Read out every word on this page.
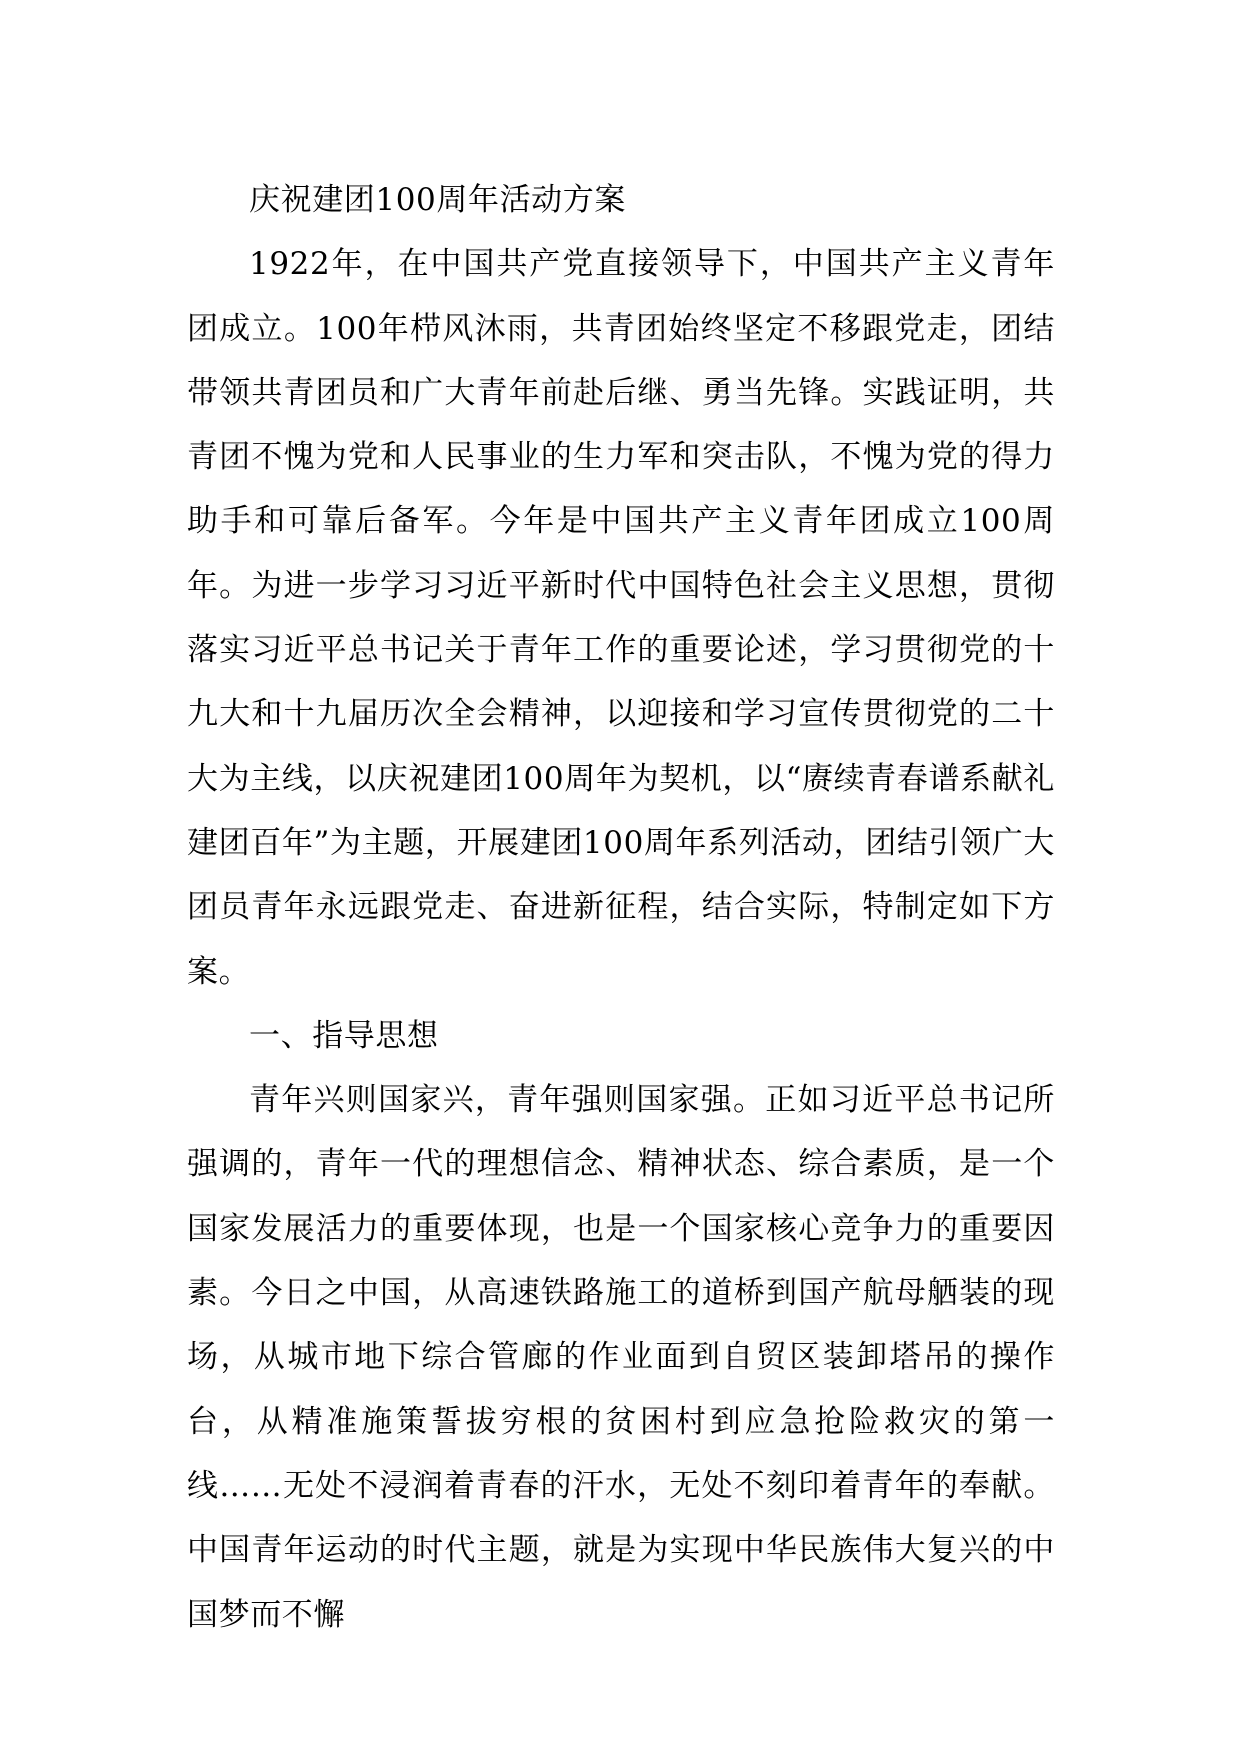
庆祝建团100周年活动方案

1922年，在中国共产党直接领导下，中国共产主义青年团成立。100年栉风沐雨，共青团始终坚定不移跟党走，团结带领共青团员和广大青年前赴后继、勇当先锋。实践证明，共青团不愧为党和人民事业的生力军和突击队，不愧为党的得力助手和可靠后备军。今年是中国共产主义青年团成立100周年。为进一步学习习近平新时代中国特色社会主义思想，贯彻落实习近平总书记关于青年工作的重要论述，学习贯彻党的十九大和十九届历次全会精神，以迎接和学习宣传贯彻党的二十大为主线，以庆祝建团100周年为契机，以“赓续青春谱系献礼建团百年”为主题，开展建团100周年系列活动，团结引领广大团员青年永远跟党走、奋进新征程，结合实际，特制定如下方案。

一、指导思想

青年兴则国家兴，青年强则国家强。正如习近平总书记所强调的，青年一代的理想信念、精神状态、综合素质，是一个国家发展活力的重要体现，也是一个国家核心竞争力的重要因素。今日之中国，从高速铁路施工的道桥到国产航母舾装的现场，从城市地下综合管廊的作业面到自贸区装卸塔吊的操作台，从精准施策誓拔穷根的贫困村到应急抢险救灾的第一线……无处不浸润着青春的汗水，无处不刻印着青年的奉献。中国青年运动的时代主题，就是为实现中华民族伟大复兴的中国梦而不懈
